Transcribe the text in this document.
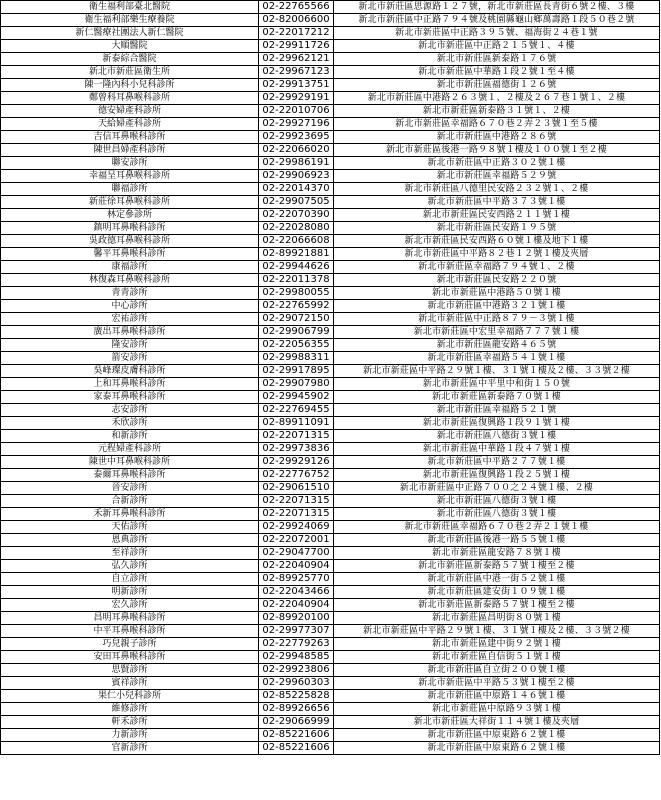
衛生福利部臺北醫院	02-22765566	新北市新莊區思源路１２７號，新北市新莊區長青街６號２樓、３樓
衛生福利部樂生療養院	02-82006600	新北市新莊區中正路７９４號及桃園縣龜山鄉萬壽路１段５０巷２號
新仁醫療社團法人新仁醫院	02-22017212	新北市新莊區中正路３９５號、福海街２４巷１號
大順醫院	02-29911726	新北市新莊區中正路２１５號１、４樓
新泰綜合醫院	02-29962121	新北市新莊區新泰路１７６號
新北市新莊區衛生所	02-29967123	新北市新莊區中華路１段２號１至４樓
陳一隆內科小兒科診所	02-29913751	新北市新莊區福德街１２６號
鄭曾科耳鼻喉科診所	02-29929191	新北市新莊區中港路２６３號１、２樓及２６７巷１號１、２樓
德安婦產科診所	02-22010706	新北市新莊區新泰路３１號１、２樓
天給婦產科診所	02-29927196	新北市新莊區幸福路６７０巷２弄２３號１至５樓
吉信耳鼻喉科診所	02-29923695	新北市新莊區中港路２８６號
陳世昌婦產科診所	02-22066020	新北市新莊區後港一路９８號１樓及１００號１至２樓
聯安診所	02-29986191	新北市新莊區中正路３０２號１樓
幸福呈耳鼻喉科診所	02-29906923	新北市新莊區幸福路５２９號
聯福診所	02-22014370	新北市新莊區八德里民安路２３２號１、２樓
新莊徐耳鼻喉科診所	02-29907505	新北市新莊區中平路３７３號１樓
林定參診所	02-22070390	新北市新莊區民安西路２１１號１樓
鎮明耳鼻喉科診所	02-22028080	新北市新莊區民安路１９５號
吳政德耳鼻喉科診所	02-22066608	新北市新莊區民安西路６０號１樓及地下１樓
馨平耳鼻喉科診所	02-89921881	新北市新莊區中平路８２巷１２號１樓及夾層
康福診所	02-29944626	新北市新莊區幸福路７９４號１、２樓
林復森耳鼻喉科診所	02-22011378	新北市新莊區民安路２２０號
青青診所	02-29980055	新北市新莊區中港路５０號１樓
中心診所	02-22765992	新北市新莊區中港路３２１號１樓
宏祐診所	02-29072150	新北市新莊區中正路８７９－３號１樓
廣出耳鼻喉科診所	02-29906799	新北市新莊區中宏里幸福路７７７號１樓
隆安診所	02-22056355	新北市新莊區龍安路４６５號
箭安診所	02-29988311	新北市新莊區幸福路５４１號１樓
吳峰璨皮膚科診所	02-29917895	新北市新莊區中平路２９號１樓、３１號１樓及２樓、３３號２樓
上和耳鼻喉科診所	02-29907980	新北市新莊區中平里中和街１５０號
家泰耳鼻喉科診所	02-29945902	新北市新莊區新泰路７０號１樓
志安診所	02-22769455	新北市新莊區幸福路５２１號
禾欣診所	02-89911091	新北市新莊區復興路１段９１號１樓
和新診所	02-22071315	新北市新莊區八德街３號１樓
元程婦產科診所	02-29973836	新北市新莊區中華路１段４７號１樓
陳世中耳鼻喉科診所	02-29929126	新北市新莊區中平路２７７號１樓
泰爾耳鼻喉科診所	02-22776752	新北市新莊區復興路１段２５號１樓
晉安診所	02-29061510	新北市新莊區中正路７００之２４號１樓、２樓
合新診所	02-22071315	新北市新莊區八德街３號１樓
禾新耳鼻喉科診所	02-22071315	新北市新莊區八德街３號１樓
天佑診所	02-29924069	新北市新莊區幸福路６７０巷２弄２１號１樓
恩典診所	02-22072001	新北市新莊區後港一路５５號１樓
至祥診所	02-29047700	新北市新莊區龍安路７８號１樓
弘久診所	02-22040904	新北市新莊區新泰路５７號１樓至２樓
自立診所	02-89925770	新北市新莊區中港一街５２號１樓
明新診所	02-22043466	新北市新莊區建安街１０９號１樓
宏久診所	02-22040904	新北市新莊區新泰路５７號１樓至２樓
昌明耳鼻喉科診所	02-89920100	新北市新莊區昌明街８０號１樓
中平耳鼻喉科診所	02-29977307	新北市新莊區中平路２９號１樓、３１號１樓及２樓、３３號２樓
巧兒親子診所	02-22779263	新北市新莊區建中街９２號１樓
安田耳鼻喉科診所	02-29948585	新北市新莊區自信街５１號１樓
思賢診所	02-29923806	新北市新莊區自立街２００號１樓
賓祥診所	02-29960303	新北市新莊區中平路５３號１樓至２樓
果仁小兒科診所	02-85225828	新北市新莊區中原路１４６號１樓
維修診所	02-89926656	新北市新莊區中原路９３號１樓
軒禾診所	02-29066999	新北市新莊區大祥街１１４號１樓及夾層
力新診所	02-85221606	新北市新莊區中原東路６２號１樓
官新診所	02-85221606	新北市新莊區中原東路６２號１樓
